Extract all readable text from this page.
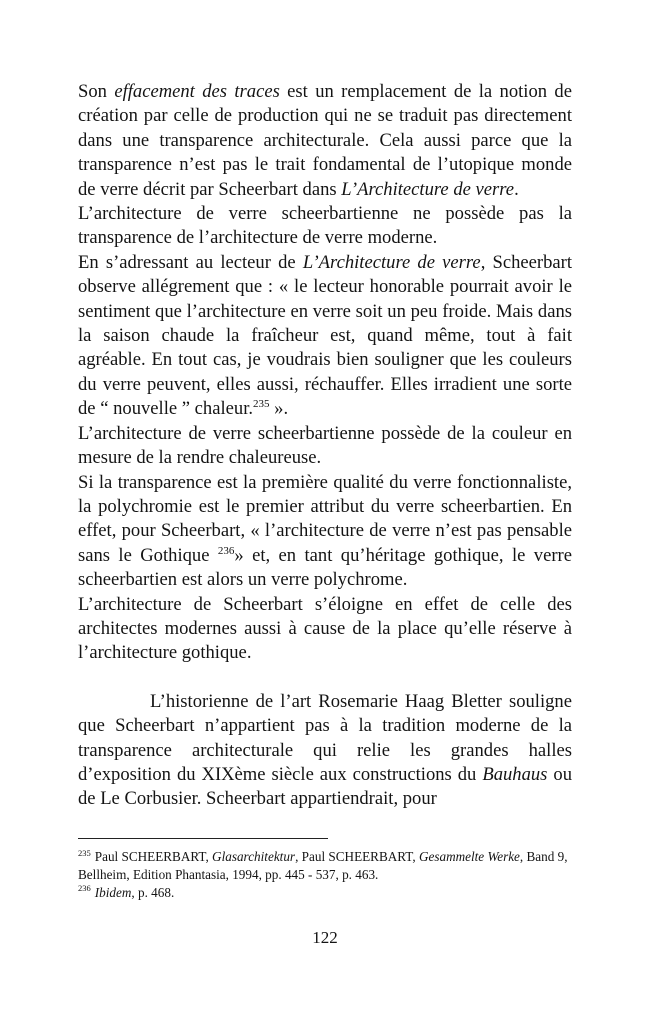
Son effacement des traces est un remplacement de la notion de création par celle de production qui ne se traduit pas directement dans une transparence architecturale. Cela aussi parce que la transparence n’est pas le trait fondamental de l’utopique monde de verre décrit par Scheerbart dans L’Architecture de verre.

L’architecture de verre scheerbartienne ne possède pas la transparence de l’architecture de verre moderne.

En s’adressant au lecteur de L’Architecture de verre, Scheerbart observe allégrement que : « le lecteur honorable pourrait avoir le sentiment que l’architecture en verre soit un peu froide. Mais dans la saison chaude la fraîcheur est, quand même, tout à fait agréable. En tout cas, je voudrais bien souligner que les couleurs du verre peuvent, elles aussi, réchauffer. Elles irradient une sorte de “ nouvelle ” chaleur.$^{235}$ ».

L’architecture de verre scheerbartienne possède de la couleur en mesure de la rendre chaleureuse.

Si la transparence est la première qualité du verre fonctionnaliste, la polychromie est le premier attribut du verre scheerbartien. En effet, pour Scheerbart, « l’architecture de verre n’est pas pensable sans le Gothique $^{236}$» et, en tant qu’héritage gothique, le verre scheerbartien est alors un verre polychrome.

L’architecture de Scheerbart s’éloigne en effet de celle des architectes modernes aussi à cause de la place qu’elle réserve à l’architecture gothique.

L’historienne de l’art Rosemarie Haag Bletter souligne que Scheerbart n’appartient pas à la tradition moderne de la transparence architecturale qui relie les grandes halles d’exposition du XIXème siècle aux constructions du Bauhaus ou de Le Corbusier. Scheerbart appartiendrait, pour

$^{235}$ Paul SCHEERBART, Glasarchitektur, Paul SCHEERBART, Gesammelte Werke, Band 9, Bellheim, Edition Phantasia, 1994, pp. 445 - 537, p. 463.

$^{236}$ Ibidem, p. 468.

122
